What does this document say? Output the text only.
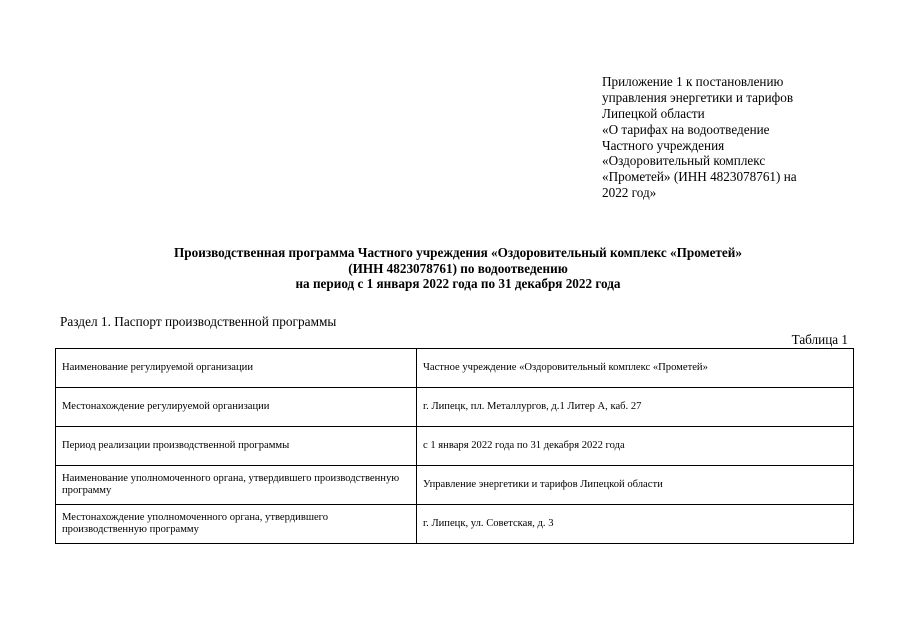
Приложение 1 к постановлению
управления энергетики и тарифов
Липецкой области
«О тарифах на водоотведение
Частного учреждения
«Оздоровительный комплекс
«Прометей» (ИНН 4823078761) на
2022 год»
Производственная программа Частного учреждения «Оздоровительный комплекс «Прометей»
(ИНН 4823078761) по водоотведению
на период с 1 января 2022 года по 31 декабря 2022 года
Раздел 1. Паспорт производственной программы
Таблица 1
Наименование регулируемой организации	Частное учреждение «Оздоровительный комплекс «Прометей»
Местонахождение регулируемой организации	г. Липецк, пл. Металлургов, д.1 Литер А, каб. 27
Период реализации производственной программы	с 1 января 2022 года по 31 декабря 2022 года
Наименование уполномоченного органа, утвердившего производственную программу	Управление энергетики и тарифов Липецкой области
Местонахождение уполномоченного органа, утвердившего производственную программу	г. Липецк, ул. Советская, д. 3
